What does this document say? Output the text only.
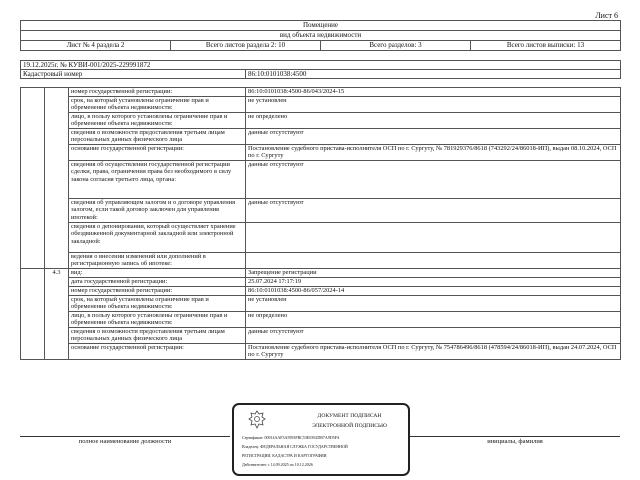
Лист 6
Помещение
вид объекта недвижимости
Лист № 4 раздела 2	Всего листов раздела 2: 10	Всего разделов: 3	Всего листов выписки: 13
19.12.2025г. № КУВИ-001/2025-229991872
Кадастровый номер	86:10:0101038:4500
		номер государственной регистрации:	86:10:0101038:4500-86/043/2024-15
		срок, на который установлены ограничение прав и обременение объекта недвижимости:	не установлен
		лицо, в пользу которого установлены ограничение прав и обременение объекта недвижимости:	не определено
		сведения о возможности предоставления третьим лицам персональных данных физического лица	данные отсутствуют
		основание государственной регистрации:	Постановление судебного пристава-исполнителя ОСП по г. Сургуту, № 781929376/8618 (743292/24/86018-ИП), выдан 08.10.2024, ОСП по г. Сургуту
		сведения об осуществлении государственной регистрации сделки, права, ограничения права без необходимого в силу закона согласия третьего лица, органа:	данные отсутствуют
		сведения об управляющем залогом и о договоре управления залогом, если такой договор заключен для управления ипотекой:	данные отсутствуют
		сведения о депонировании, который осуществляет хранение обездвиженной документарной закладной или электронной закладной:	
		ведения о внесении изменений или дополнений в регистрационную запись об ипотеке:	
	4.3	вид:	Запрещение регистрации
		дата государственной регистрации:	25.07.2024 17:17:19
		номер государственной регистрации:	86:10:0101038:4500-86/057/2024-14
		срок, на который установлены ограничение прав и обременение объекта недвижимости:	не установлен
		лицо, в пользу которого установлены ограничение прав и обременение объекта недвижимости:	не определено
		сведения о возможности предоставления третьим лицам персональных данных физического лица	данные отсутствуют
		основание государственной регистрации:	Постановление судебного пристава-исполнителя ОСП по г. Сургуту, № 754786496/8618 (478594/24/86018-ИП), выдан 24.07.2024, ОСП по г. Сургуту
полное наименование должности	инициалы, фамилия
ДОКУМЕНТ ПОДПИСАН
ЭЛЕКТРОННОЙ ПОДПИСЬЮ
Сертификат: 00914AAF3A5993FBC53E0392DB7A9D5FA
Владелец: ФЕДЕРАЛЬНАЯ СЛУЖБА ГОСУДАРСТВЕННОЙ
РЕГИСТРАЦИИ, КАДАСТРА И КАРТОГРАФИИ
Действителен: с 14.09.2025 по 10.12.2026
